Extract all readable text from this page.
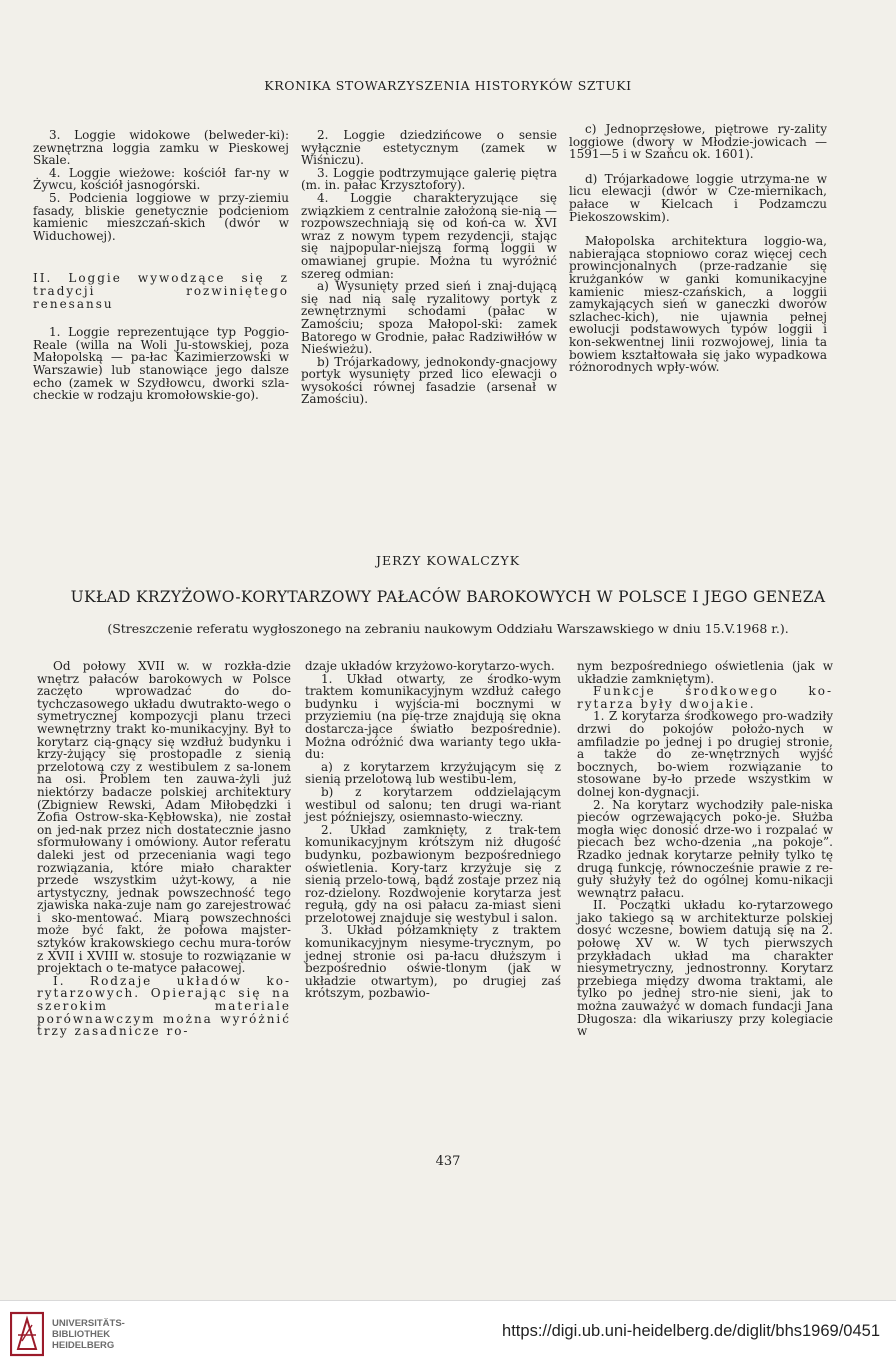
KRONIKA STOWARZYSZENIA HISTORYKÓW SZTUKI

3. Loggie widokowe (belweder-ki): zewnętrzna loggia zamku w Pieskowej Skale.

4. Loggie wieżowe: kościół far-ny w Żywcu, kościół jasnogórski.

5. Podcienia loggiowe w przy-ziemiu fasady, bliskie genetycznie podcieniom kamienic mieszczań-skich (dwór w Widuchowej).

II. Loggie wywodzące się z tradycji rozwiniętego renesansu

1. Loggie reprezentujące typ Poggio-Reale (willa na Woli Ju-stowskiej, poza Małopolską — pa-łac Kazimierzowski w Warszawie) lub stanowiące jego dalsze echo (zamek w Szydłowcu, dworki szla-checkie w rodzaju kromołowskie-go).

2. Loggie dziedzińcowe o sensie wyłącznie estetycznym (zamek w Wiśniczu).

3. Loggie podtrzymujące galerię piętra (m. in. pałac Krzysztofory).

4. Loggie charakteryzujące się związkiem z centralnie założoną sie-nią — rozpowszechniają się od koń-ca w. XVI wraz z nowym typem rezydencji, stając się najpopular-niejszą formą loggii w omawianej grupie. Można tu wyróżnić szereg odmian:

a) Wysunięty przed sień i znaj-dującą się nad nią salę ryzalitowy portyk z zewnętrznymi schodami (pałac w Zamościu; spoza Małopol-ski: zamek Batorego w Grodnie, pałac Radziwiłłów w Nieświeżu).

b) Trójarkadowy, jednokondy-gnacjowy portyk wysunięty przed lico elewacji o wysokości równej fasadzie (arsenał w Zamościu).

c) Jednoprzęsłowe, piętrowe ry-zality loggiowe (dwory w Młodzie-jowicach — 1591—5 i w Szańcu ok. 1601).

d) Trójarkadowe loggie utrzyma-ne w licu elewacji (dwór w Cze-miernikach, pałace w Kielcach i Podzamczu Piekoszowskim).

Małopolska architektura loggio-wa, nabierająca stopniowo coraz więcej cech prowincjonalnych (prze-radzanie się krużganków w ganki komunikacyjne kamienic miesz-czańskich, a loggii zamykających sień w ganeczki dworów szlachec-kich), nie ujawnia pełnej ewolucji podstawowych typów loggii i kon-sekwentnej linii rozwojowej, linia ta bowiem kształtowała się jako wypadkowa różnorodnych wpły-wów.

JERZY KOWALCZYK
UKŁAD KRZYŻOWO-KORYTARZOWY PAŁACÓW BAROKOWYCH W POLSCE I JEGO GENEZA
(Streszczenie referatu wygłoszonego na zebraniu naukowym Oddziału Warszawskiego w dniu 15.V.1968 r.).

Od połowy XVII w. w rozkła-dzie wnętrz pałaców barokowych w Polsce zaczęto wprowadzać do do-tychczasowego układu dwutrakto-wego o symetrycznej kompozycji planu trzeci wewnętrzny trakt ko-munikacyjny. Był to korytarz cią-gnący się wzdłuż budynku i krzy-żujący się prostopadle z sienią przelotową czy z westibulem z sa-lonem na osi. Problem ten zauwa-żyli już niektórzy badacze polskiej architektury (Zbigniew Rewski, Adam Miłobędzki i Zofia Ostrow-ska-Kębłowska), nie został on jed-nak przez nich dostatecznie jasno sformułowany i omówiony. Autor referatu daleki jest od przeceniania wagi tego rozwiązania, które miało charakter przede wszystkim użyt-kowy, a nie artystyczny, jednak powszechność tego zjawiska naka-zuje nam go zarejestrować i sko-mentować. Miarą powszechności może być fakt, że połowa majster-sztyków krakowskiego cechu mura-torów z XVII i XVIII w. stosuje to rozwiązanie w projektach o te-matyce pałacowej.

I. Rodzaje układów ko-rytarzowych. Opierając się na szerokim materiale porównawczym można wyróżnić trzy zasadnicze ro-

dzaje układów krzyżowo-korytarzo-wych.

1. Układ otwarty, ze środko-wym traktem komunikacyjnym wzdłuż całego budynku i wyjścia-mi bocznymi w przyziemiu (na pię-trze znajdują się okna dostarcza-jące światło bezpośrednie). Można odróżnić dwa warianty tego ukła-du:

a) z korytarzem krzyżującym się z sienią przelotową lub westibu-lem,

b) z korytarzem oddzielającym westibul od salonu; ten drugi wa-riant jest późniejszy, osiemnasto-wieczny.

2. Układ zamknięty, z trak-tem komunikacyjnym krótszym niż długość budynku, pozbawionym bezpośredniego oświetlenia. Kory-tarz krzyżuje się z sienią przelo-tową, bądź zostaje przez nią roz-dzielony. Rozdwojenie korytarza jest regułą, gdy na osi pałacu za-miast sieni przelotowej znajduje się westybul i salon.

3. Układ półzamknięty z traktem komunikacyjnym niesyme-trycznym, po jednej stronie osi pa-łacu dłuższym i bezpośrednio oświe-tlonym (jak w układzie otwartym), po drugiej zaś krótszym, pozbawio-

nym bezpośredniego oświetlenia (jak w układzie zamkniętym).

Funkcje środkowego ko-rytarza były dwojakie.

1. Z korytarza środkowego pro-wadziły drzwi do pokojów położo-nych w amfiladzie po jednej i po drugiej stronie, a także do ze-wnętrznych wyjść bocznych, bo-wiem rozwiązanie to stosowane by-ło przede wszystkim w dolnej kon-dygnacji.

2. Na korytarz wychodziły pale-niska pieców ogrzewających poko-je. Służba mogła więc donosić drze-wo i rozpalać w piecach bez wcho-dzenia „na pokoje”. Rzadko jednak korytarze pełniły tylko tę drugą funkcję, równocześnie prawie z re-guły służyły też do ogólnej komu-nikacji wewnątrz pałacu.

II. Początki układu ko-rytarzowego jako takiego są w architekturze polskiej dosyć wczesne, bowiem datują się na 2. połowę XV w. W tych pierwszych przykładach układ ma charakter niesymetryczny, jednostronny. Korytarz przebiega między dwoma traktami, ale tylko po jednej stro-nie sieni, jak to można zauważyć w domach fundacji Jana Długosza: dla wikariuszy przy kolegiacie w

437
UNIVERSITÄTS-
BIBLIOTHEK
HEIDELBERG
https://digi.ub.uni-heidelberg.de/diglit/bhs1969/0451
